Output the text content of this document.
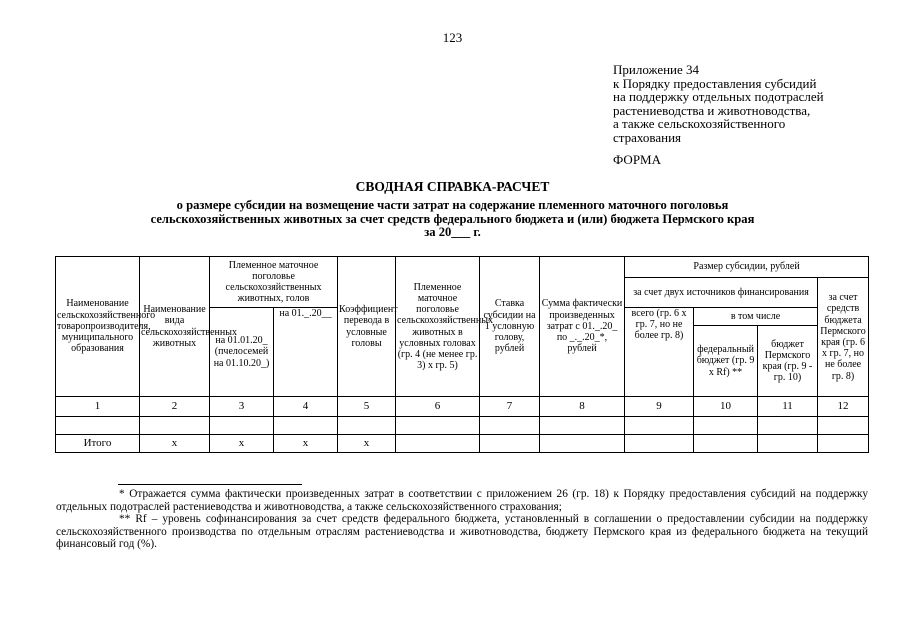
123
Приложение 34
к Порядку предоставления субсидий
на поддержку отдельных подотраслей
растениеводства и животноводства,
а также сельскохозяйственного
страхования
ФОРМА
СВОДНАЯ СПРАВКА-РАСЧЕТ
о размере субсидии на возмещение части затрат на содержание племенного маточного поголовья
сельскохозяйственных животных за счет средств федерального бюджета и (или) бюджета Пермского края
за 20___ г.
Наименование сельскохозяйственного товаропроизводителя, муниципального образования	Наименование вида сельскохозяйственных животных	Племенное маточное поголовье сельскохозяйственных животных, голов		Коэффициент перевода в условные головы	Племенное маточное поголовье сельскохозяйственных животных в условных головах (гр. 4 (не менее гр. 3) х гр. 5)	Ставка субсидии на 1 условную голову, рублей	Сумма фактически произведенных затрат с 01._.20_ по _._.20_*, рублей	Размер субсидии, рублей			
								за счет двух источников финансирования			за счет средств бюджета Пермского края (гр. 6 х гр. 7, но не более гр. 8)
		на 01.01.20_ (пчелосемей на 01.10.20_)	на 01._.20__					всего (гр. 6 х гр. 7, но не более гр. 8)	в том числе		
									федеральный бюджет (гр. 9 х Rf) **	бюджет Пермского края (гр. 9 - гр. 10)	
1	2	3	4	5	6	7	8	9	10	11	12

Итого	x	x	x	x							

* Отражается сумма фактически произведенных затрат в соответствии с приложением 26 (гр. 18) к Порядку предоставления субсидий на поддержку отдельных подотраслей растениеводства и животноводства, а также сельскохозяйственного страхования;

** Rf – уровень софинансирования за счет средств федерального бюджета, установленный в соглашении о предоставлении субсидии на поддержку сельскохозяйственного производства по отдельным отраслям растениеводства и животноводства, бюджету Пермского края из федерального бюджета на текущий финансовый год (%).
